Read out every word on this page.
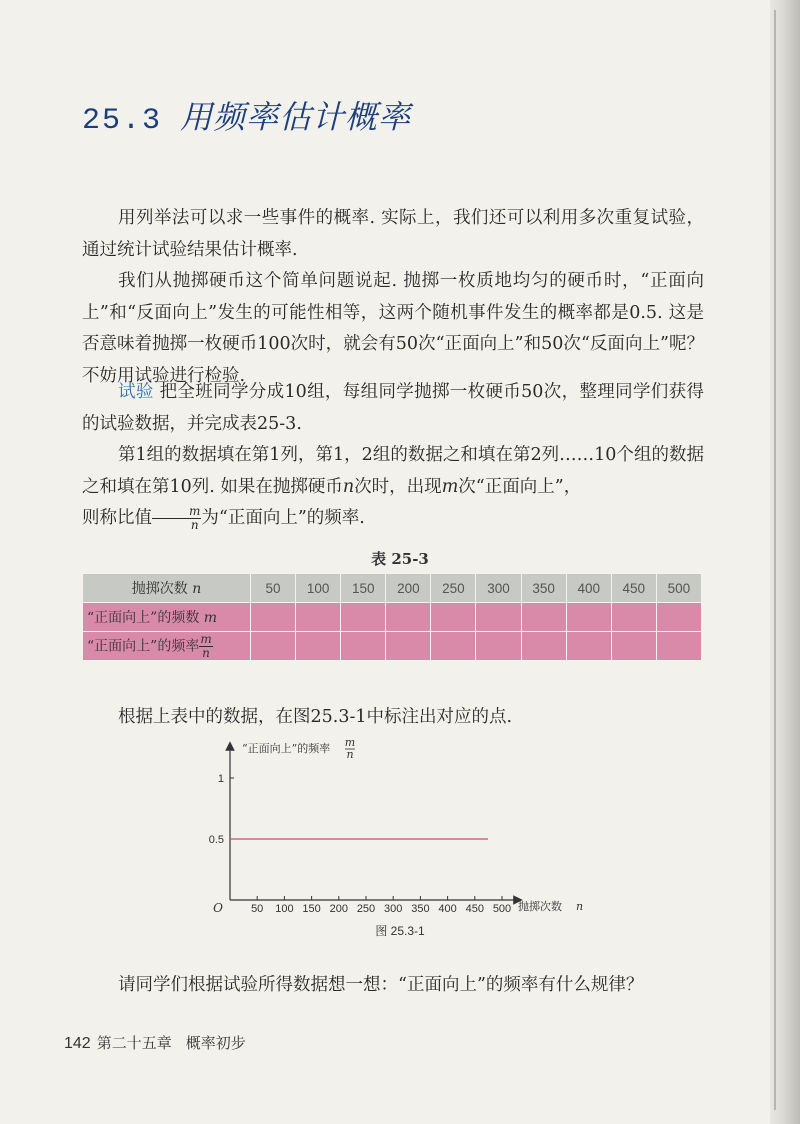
25.3 用频率估计概率

用列举法可以求一些事件的概率. 实际上，我们还可以利用多次重复试验，通过统计试验结果估计概率.

我们从抛掷硬币这个简单问题说起. 抛掷一枚质地均匀的硬币时，“正面向上”和“反面向上”发生的可能性相等，这两个随机事件发生的概率都是0.5. 这是否意味着抛掷一枚硬币100次时，就会有50次“正面向上”和50次“反面向上”呢？不妨用试验进行检验.

试验 把全班同学分成10组，每组同学抛掷一枚硬币50次，整理同学们获得的试验数据，并完成表25-3.

第1组的数据填在第1列，第1，2组的数据之和填在第2列……10个组的数据之和填在第10列. 如果在抛掷硬币n次时，出现m次“正面向上”，
则称比值 $\frac{m}{n}$ 为“正面向上”的频率.

表 25-3
抛掷次数 n	50	100	150	200	250	300	350	400	450	500
“正面向上”的频数 m										
“正面向上”的频率 $\frac{m}{n}$

根据上表中的数据，在图25.3-1中标注出对应的点.

“正面向上”的频率 m
n
1
0.5
50 100 150 200 250 300 350 400 450 500
O	抛掷次数 n
图 25.3-1

请同学们根据试验所得数据想一想：“正面向上”的频率有什么规律？

142 第二十五章 概率初步
